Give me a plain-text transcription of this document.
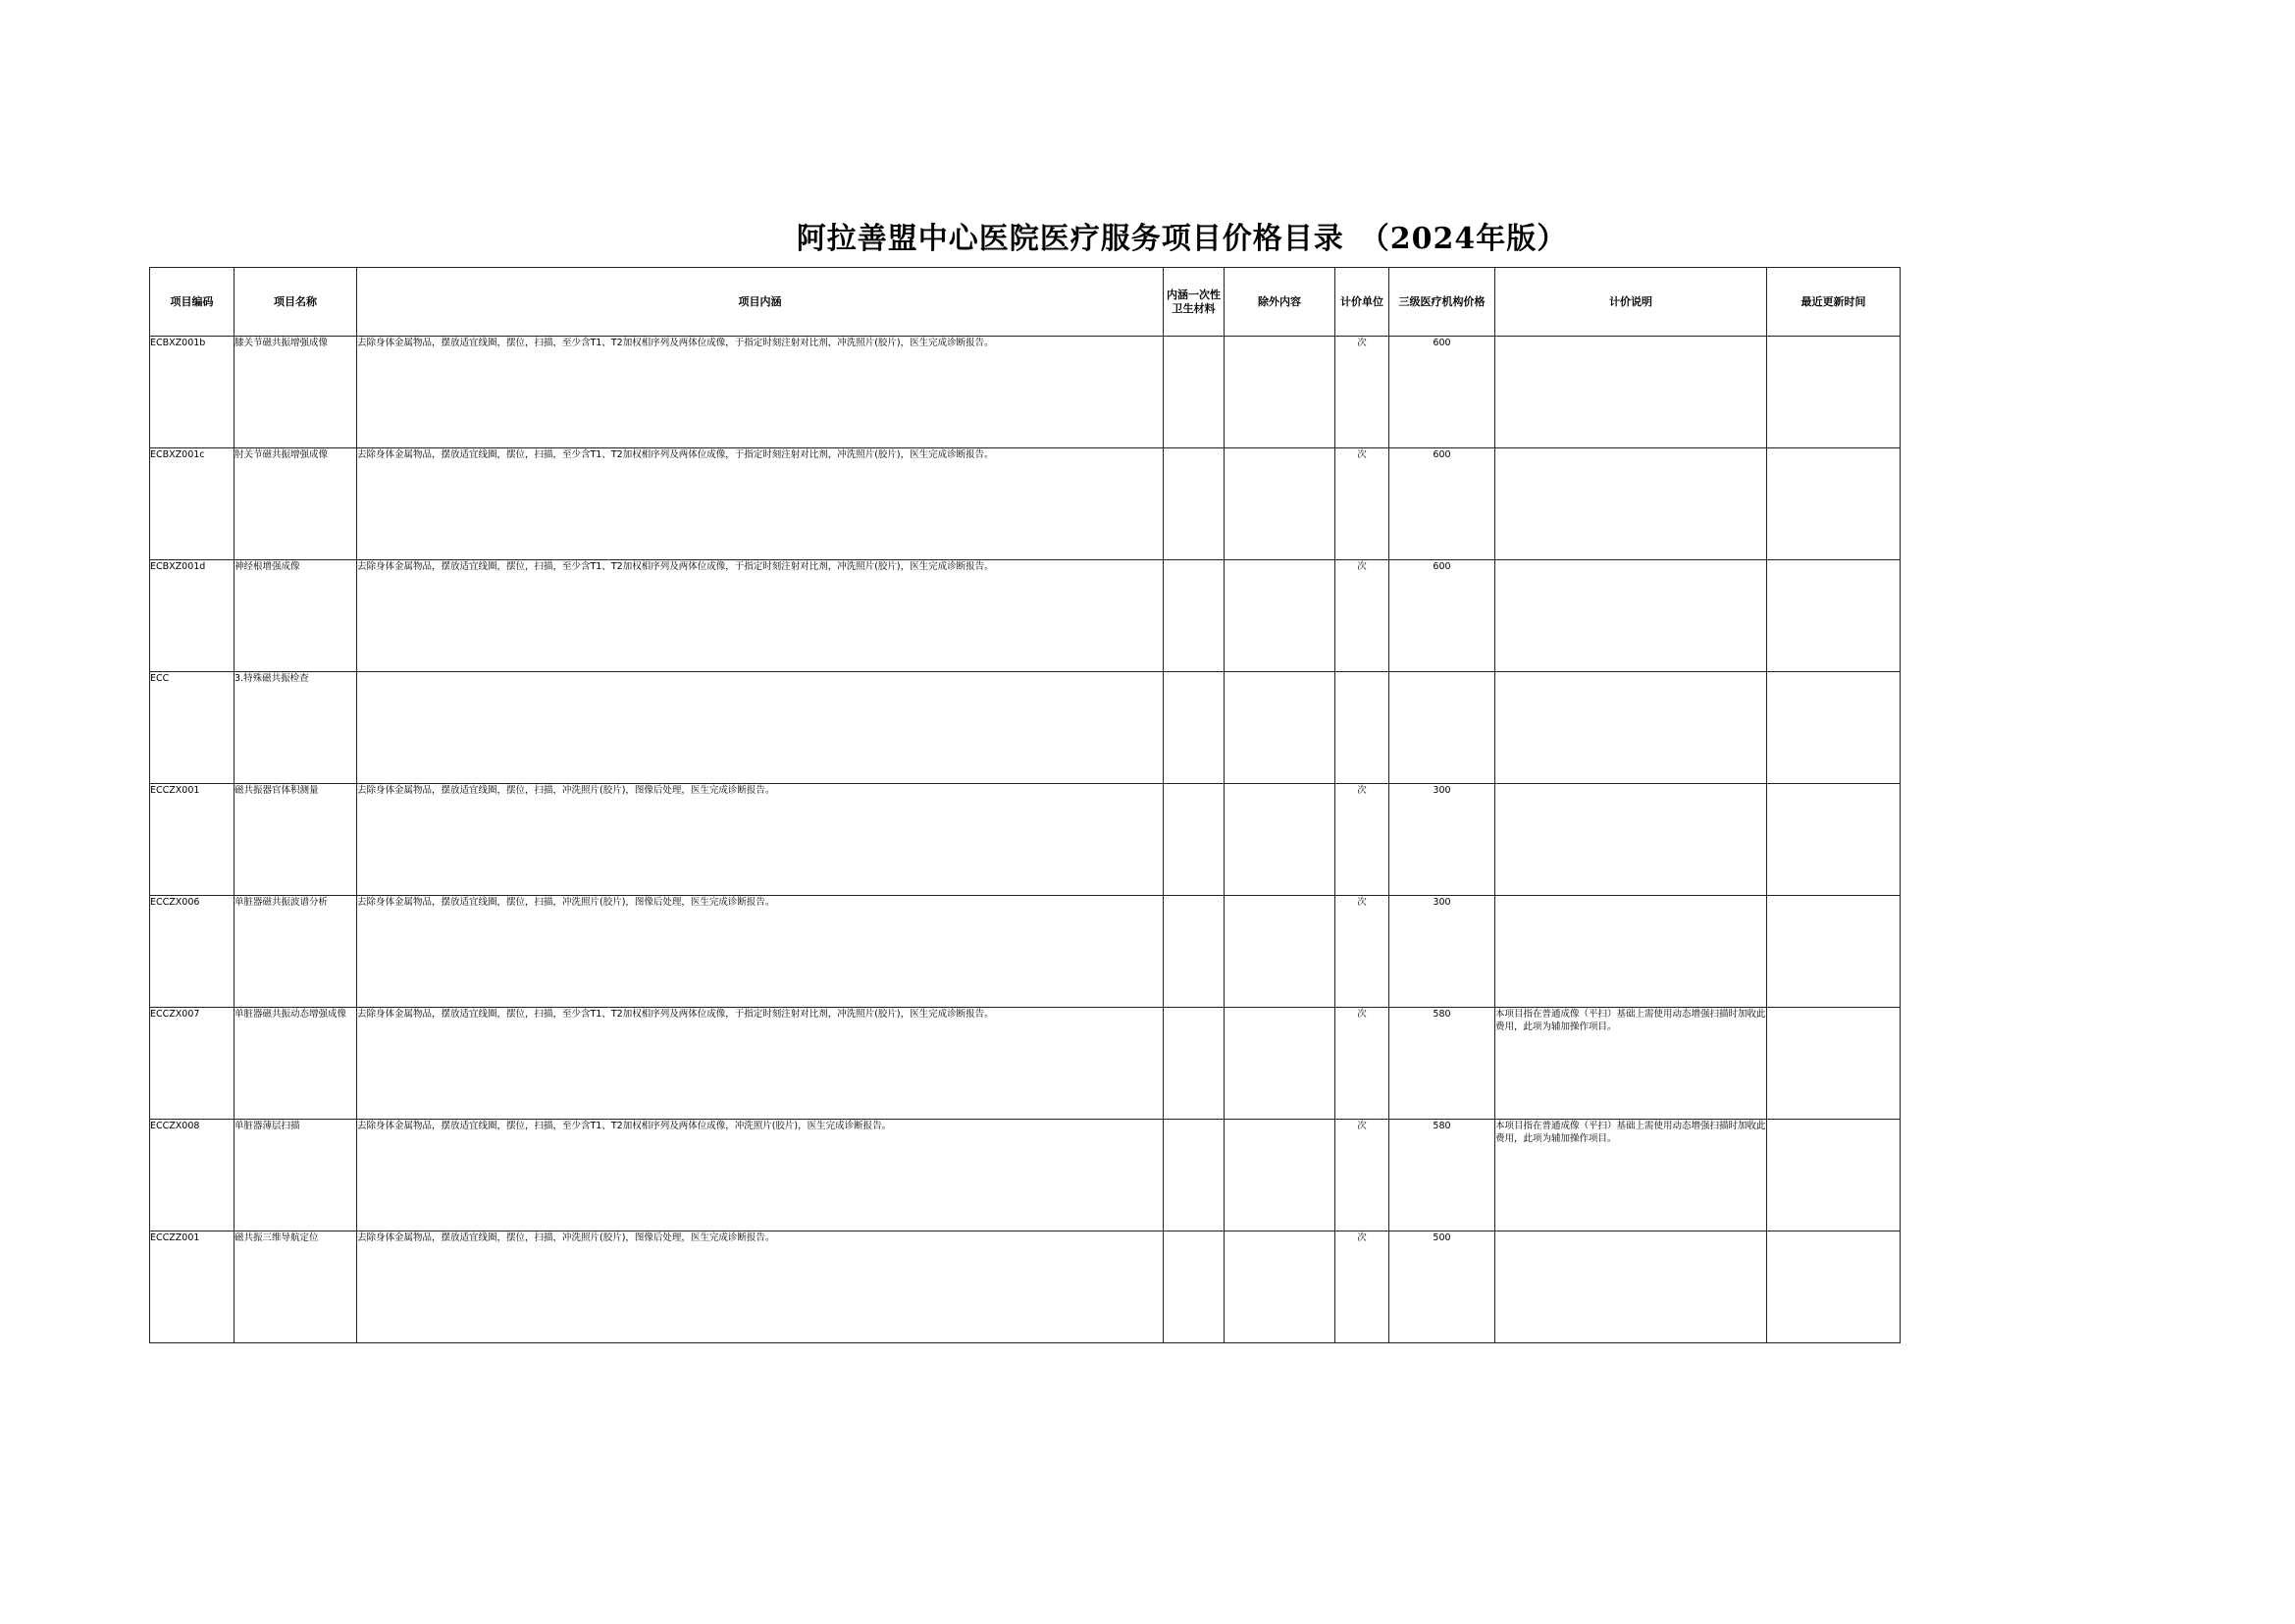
阿拉善盟中心医院医疗服务项目价格目录　（2024年版）
项目编码	项目名称	项目内涵	内涵一次性卫生材料	除外内容	计价单位	三级医疗机构价格	计价说明	最近更新时间
ECBXZ001b	膝关节磁共振增强成像	去除身体金属物品，摆放适宜线圈，摆位，扫描，至少含T1、T2加权相序列及两体位成像，于指定时刻注射对比剂，冲洗照片(胶片)，医生完成诊断报告。			次	600		
ECBXZ001c	肘关节磁共振增强成像	去除身体金属物品，摆放适宜线圈，摆位，扫描，至少含T1、T2加权相序列及两体位成像，于指定时刻注射对比剂，冲洗照片(胶片)，医生完成诊断报告。			次	600		
ECBXZ001d	神经根增强成像	去除身体金属物品，摆放适宜线圈，摆位，扫描，至少含T1、T2加权相序列及两体位成像，于指定时刻注射对比剂，冲洗照片(胶片)，医生完成诊断报告。			次	600		
ECC	3.特殊磁共振检查							
ECCZX001	磁共振器官体积测量	去除身体金属物品，摆放适宜线圈，摆位，扫描，冲洗照片(胶片)，图像后处理，医生完成诊断报告。			次	300		
ECCZX006	单脏器磁共振波谱分析	去除身体金属物品，摆放适宜线圈，摆位，扫描，冲洗照片(胶片)，图像后处理，医生完成诊断报告。			次	300		
ECCZX007	单脏器磁共振动态增强成像	去除身体金属物品，摆放适宜线圈，摆位，扫描，至少含T1、T2加权相序列及两体位成像，于指定时刻注射对比剂，冲洗照片(胶片)，医生完成诊断报告。			次	580	本项目指在普通成像（平扫）基础上需使用动态增强扫描时加收此费用，此项为辅加操作项目。	
ECCZX008	单脏器薄层扫描	去除身体金属物品，摆放适宜线圈，摆位，扫描，至少含T1、T2加权相序列及两体位成像，冲洗照片(胶片)，医生完成诊断报告。			次	580	本项目指在普通成像（平扫）基础上需使用动态增强扫描时加收此费用，此项为辅加操作项目。	
ECCZZ001	磁共振三维导航定位	去除身体金属物品，摆放适宜线圈，摆位，扫描，冲洗照片(胶片)，图像后处理，医生完成诊断报告。			次	500		
